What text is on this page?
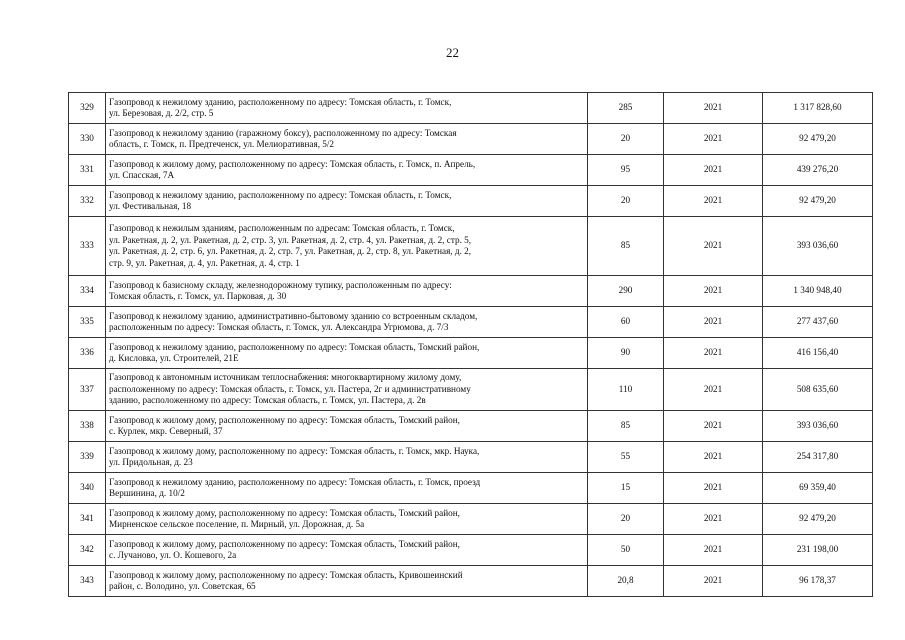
22
329	Газопровод к нежилому зданию, расположенному по адресу: Томская область, г. Томск,
ул. Березовая, д. 2/2, стр. 5	285	2021	1 317 828,60
330	Газопровод к нежилому зданию (гаражному боксу), расположенному по адресу: Томская
область, г. Томск, п. Предтеченск, ул. Мелиоративная, 5/2	20	2021	92 479,20
331	Газопровод к жилому дому, расположенному по адресу: Томская область, г. Томск, п. Апрель,
ул. Спасская, 7А	95	2021	439 276,20
332	Газопровод к нежилому зданию, расположенному по адресу: Томская область, г. Томск,
ул. Фестивальная, 18	20	2021	92 479,20
333	Газопровод к нежилым зданиям, расположенным по адресам: Томская область, г. Томск,
ул. Ракетная, д. 2, ул. Ракетная, д. 2, стр. 3, ул. Ракетная, д. 2, стр. 4, ул. Ракетная, д. 2, стр. 5,
ул. Ракетная, д. 2, стр. 6, ул. Ракетная, д. 2, стр. 7, ул. Ракетная, д. 2, стр. 8, ул. Ракетная, д. 2,
стр. 9, ул. Ракетная, д. 4, ул. Ракетная, д. 4, стр. 1	85	2021	393 036,60
334	Газопровод к базисному складу, железнодорожному тупику, расположенным по адресу:
Томская область, г. Томск, ул. Парковая, д. 30	290	2021	1 340 948,40
335	Газопровод к нежилому зданию, административно-бытовому зданию со встроенным складом,
расположенным по адресу: Томская область, г. Томск, ул. Александра Угрюмова, д. 7/3	60	2021	277 437,60
336	Газопровод к нежилому зданию, расположенному по адресу: Томская область, Томский район,
д. Кисловка, ул. Строителей, 21Е	90	2021	416 156,40
337	Газопровод к автономным источникам теплоснабжения: многоквартирному жилому дому,
расположенному по адресу: Томская область, г. Томск, ул. Пастера, 2г и административному
зданию, расположенному по адресу: Томская область, г. Томск, ул. Пастера, д. 2в	110	2021	508 635,60
338	Газопровод к жилому дому, расположенному по адресу: Томская область, Томский район,
с. Курлек, мкр. Северный, 37	85	2021	393 036,60
339	Газопровод к жилому дому, расположенному по адресу: Томская область, г. Томск, мкр. Наука,
ул. Придольная, д. 23	55	2021	254 317,80
340	Газопровод к нежилому зданию, расположенному по адресу: Томская область, г. Томск, проезд
Вершинина, д. 10/2	15	2021	69 359,40
341	Газопровод к жилому дому, расположенному по адресу: Томская область, Томский район,
Мирненское сельское поселение, п. Мирный, ул. Дорожная, д. 5а	20	2021	92 479,20
342	Газопровод к жилому дому, расположенному по адресу: Томская область, Томский район,
с. Лучаново, ул. О. Кошевого, 2а	50	2021	231 198,00
343	Газопровод к жилому дому, расположенному по адресу: Томская область, Кривошеинский
район, с. Володино, ул. Советская, 65	20,8	2021	96 178,37
